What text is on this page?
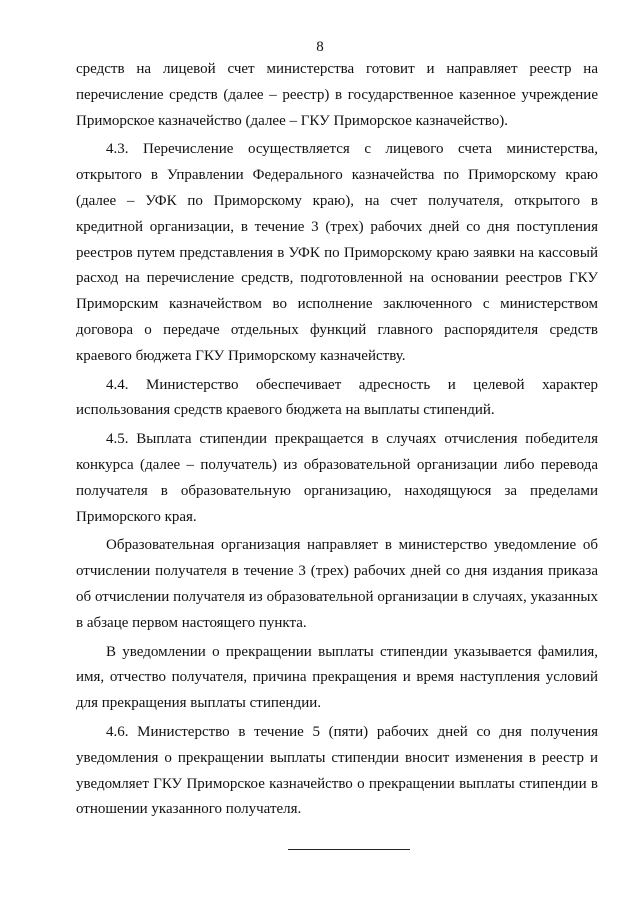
8

средств на лицевой счет министерства готовит и направляет реестр на перечисление средств (далее – реестр) в государственное казенное учреждение Приморское казначейство (далее – ГКУ Приморское казначейство).

4.3. Перечисление осуществляется с лицевого счета министерства, открытого в Управлении Федерального казначейства по Приморскому краю (далее – УФК по Приморскому краю), на счет получателя, открытого в кредитной организации, в течение 3 (трех) рабочих дней со дня поступления реестров путем представления в УФК по Приморскому краю заявки на кассовый расход на перечисление средств, подготовленной на основании реестров ГКУ Приморским казначейством во исполнение заключенного с министерством договора о передаче отдельных функций главного распорядителя средств краевого бюджета ГКУ Приморскому казначейству.

4.4. Министерство обеспечивает адресность и целевой характер использования средств краевого бюджета на выплаты стипендий.

4.5. Выплата стипендии прекращается в случаях отчисления победителя конкурса (далее – получатель) из образовательной организации либо перевода получателя в образовательную организацию, находящуюся за пределами Приморского края.

Образовательная организация направляет в министерство уведомление об отчислении получателя в течение 3 (трех) рабочих дней со дня издания приказа об отчислении получателя из образовательной организации в случаях, указанных в абзаце первом настоящего пункта.

В уведомлении о прекращении выплаты стипендии указывается фамилия, имя, отчество получателя, причина прекращения и время наступления условий для прекращения выплаты стипендии.

4.6. Министерство в течение 5 (пяти) рабочих дней со дня получения уведомления о прекращении выплаты стипендии вносит изменения в реестр и уведомляет ГКУ Приморское казначейство о прекращении выплаты стипендии в отношении указанного получателя.
